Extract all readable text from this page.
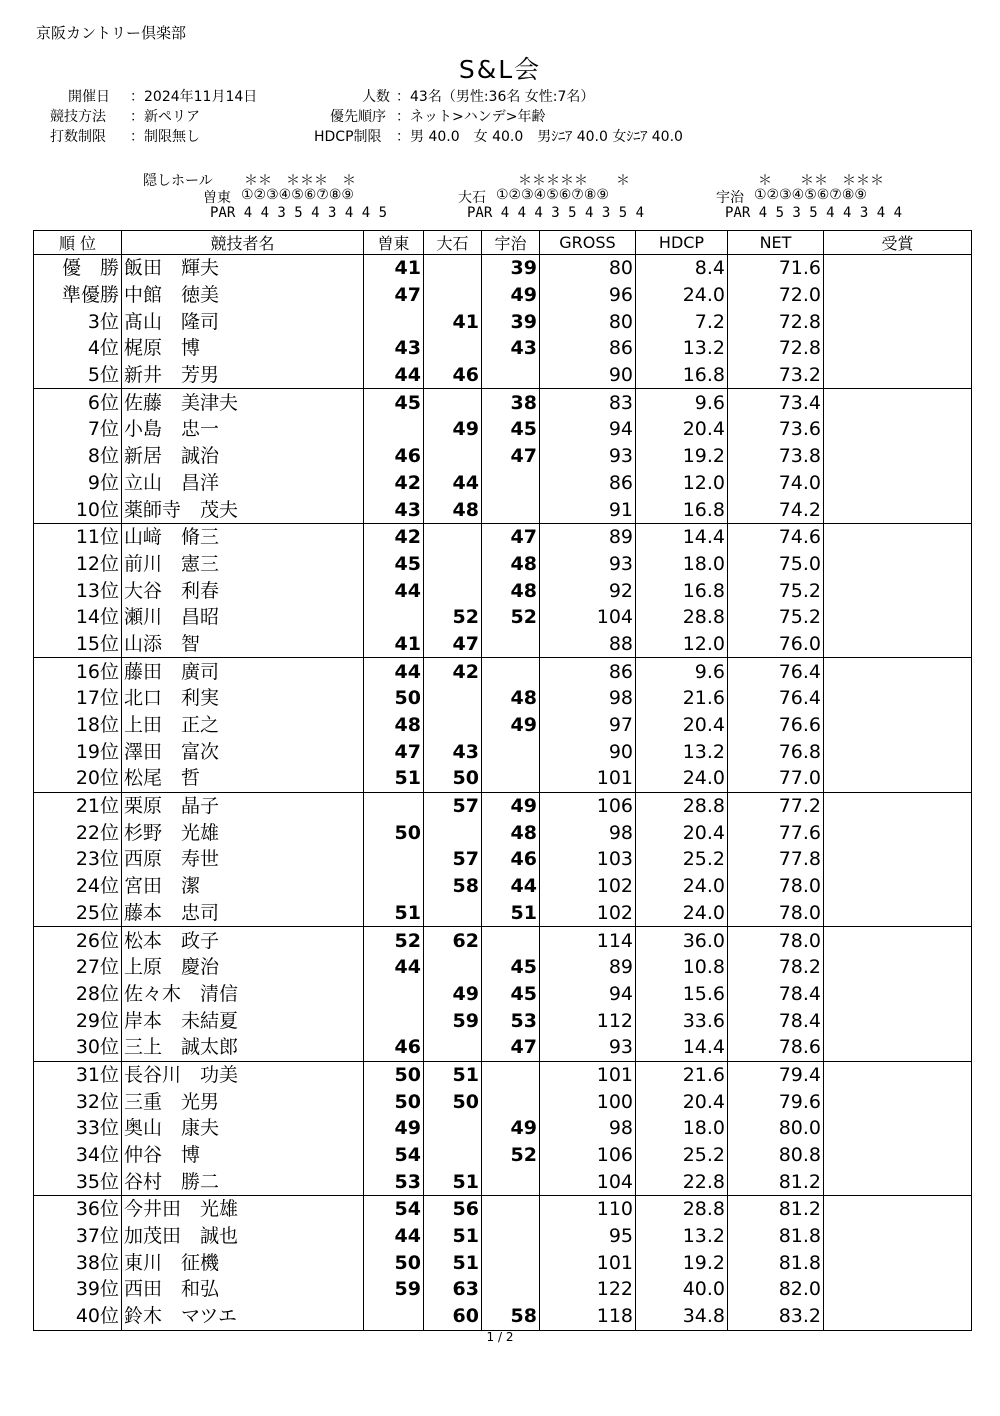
京阪カントリー倶楽部
S&L会
開催日 ：2024年11月14日
競技方法 ：新ペリア
打数制限 ：制限無し
人数 ：43名（男性:36名 女性:7名）
優先順序 ：ネット>ハンデ>年齢
HDCP制限 ：男 40.0　女 40.0　男ｼﾆｱ 40.0 女ｼﾆｱ 40.0
隠しホール ＊＊　＊＊＊　＊
曽東 ①②③④⑤⑥⑦⑧⑨
PAR 4 4 3 5 4 3 4 4 5
＊＊＊＊＊　　＊
大石 ①②③④⑤⑥⑦⑧⑨
PAR 4 4 4 3 5 4 3 5 4
＊　　＊＊　＊＊＊
宇治 ①②③④⑤⑥⑦⑧⑨
PAR 4 5 3 5 4 4 3 4 4
順 位	競技者名	曽東	大石	宇治	GROSS	HDCP	NET	受賞
優　勝	飯田　輝夫	41		39	80	8.4	71.6	
準優勝	中館　徳美	47		49	96	24.0	72.0	
3位	髙山　隆司		41	39	80	7.2	72.8	
4位	梶原　博	43		43	86	13.2	72.8	
5位	新井　芳男	44	46		90	16.8	73.2	
6位	佐藤　美津夫	45		38	83	9.6	73.4	
7位	小島　忠一		49	45	94	20.4	73.6	
8位	新居　誠治	46		47	93	19.2	73.8	
9位	立山　昌洋	42	44		86	12.0	74.0	
10位	薬師寺　茂夫	43	48		91	16.8	74.2	
11位	山﨑　脩三	42		47	89	14.4	74.6	
12位	前川　憲三	45		48	93	18.0	75.0	
13位	大谷　利春	44		48	92	16.8	75.2	
14位	瀬川　昌昭		52	52	104	28.8	75.2	
15位	山添　智	41	47		88	12.0	76.0	
16位	藤田　廣司	44	42		86	9.6	76.4	
17位	北口　利実	50		48	98	21.6	76.4	
18位	上田　正之	48		49	97	20.4	76.6	
19位	澤田　富次	47	43		90	13.2	76.8	
20位	松尾　哲	51	50		101	24.0	77.0	
21位	栗原　晶子		57	49	106	28.8	77.2	
22位	杉野　光雄	50		48	98	20.4	77.6	
23位	西原　寿世		57	46	103	25.2	77.8	
24位	宮田　潔		58	44	102	24.0	78.0	
25位	藤本　忠司	51		51	102	24.0	78.0	
26位	松本　政子	52	62		114	36.0	78.0	
27位	上原　慶治	44		45	89	10.8	78.2	
28位	佐々木　清信		49	45	94	15.6	78.4	
29位	岸本　未結夏		59	53	112	33.6	78.4	
30位	三上　誠太郎	46		47	93	14.4	78.6	
31位	長谷川　功美	50	51		101	21.6	79.4	
32位	三重　光男	50	50		100	20.4	79.6	
33位	奥山　康夫	49		49	98	18.0	80.0	
34位	仲谷　博	54		52	106	25.2	80.8	
35位	谷村　勝二	53	51		104	22.8	81.2	
36位	今井田　光雄	54	56		110	28.8	81.2	
37位	加茂田　誠也	44	51		95	13.2	81.8	
38位	東川　征機	50	51		101	19.2	81.8	
39位	西田　和弘	59	63		122	40.0	82.0	
40位	鈴木　マツエ		60	58	118	34.8	83.2	
1 / 2
